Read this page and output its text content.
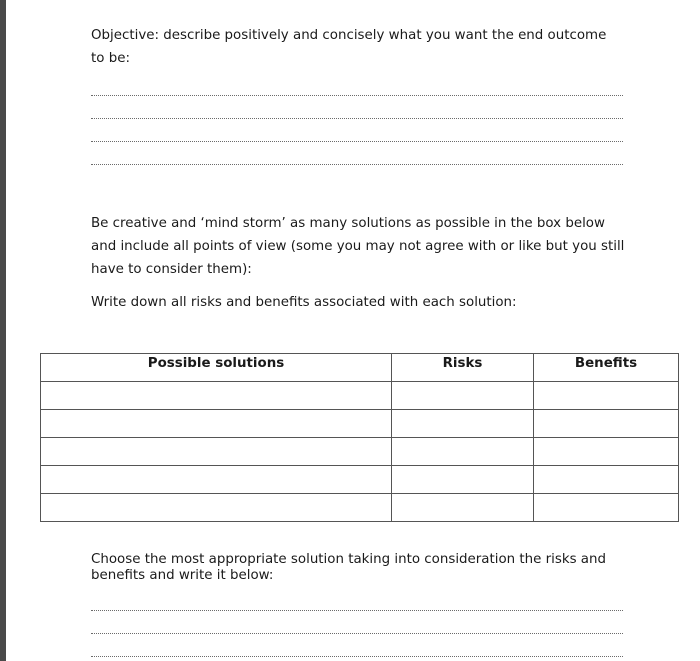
Objective: describe positively and concisely what you want the end outcome to be:

Be creative and ‘mind storm’ as many solutions as possible in the box below and include all points of view (some you may not agree with or like but you still have to consider them):

Write down all risks and benefits associated with each solution:

Possible solutions	Risks	Benefits

Choose the most appropriate solution taking into consideration the risks and benefits and write it below:
